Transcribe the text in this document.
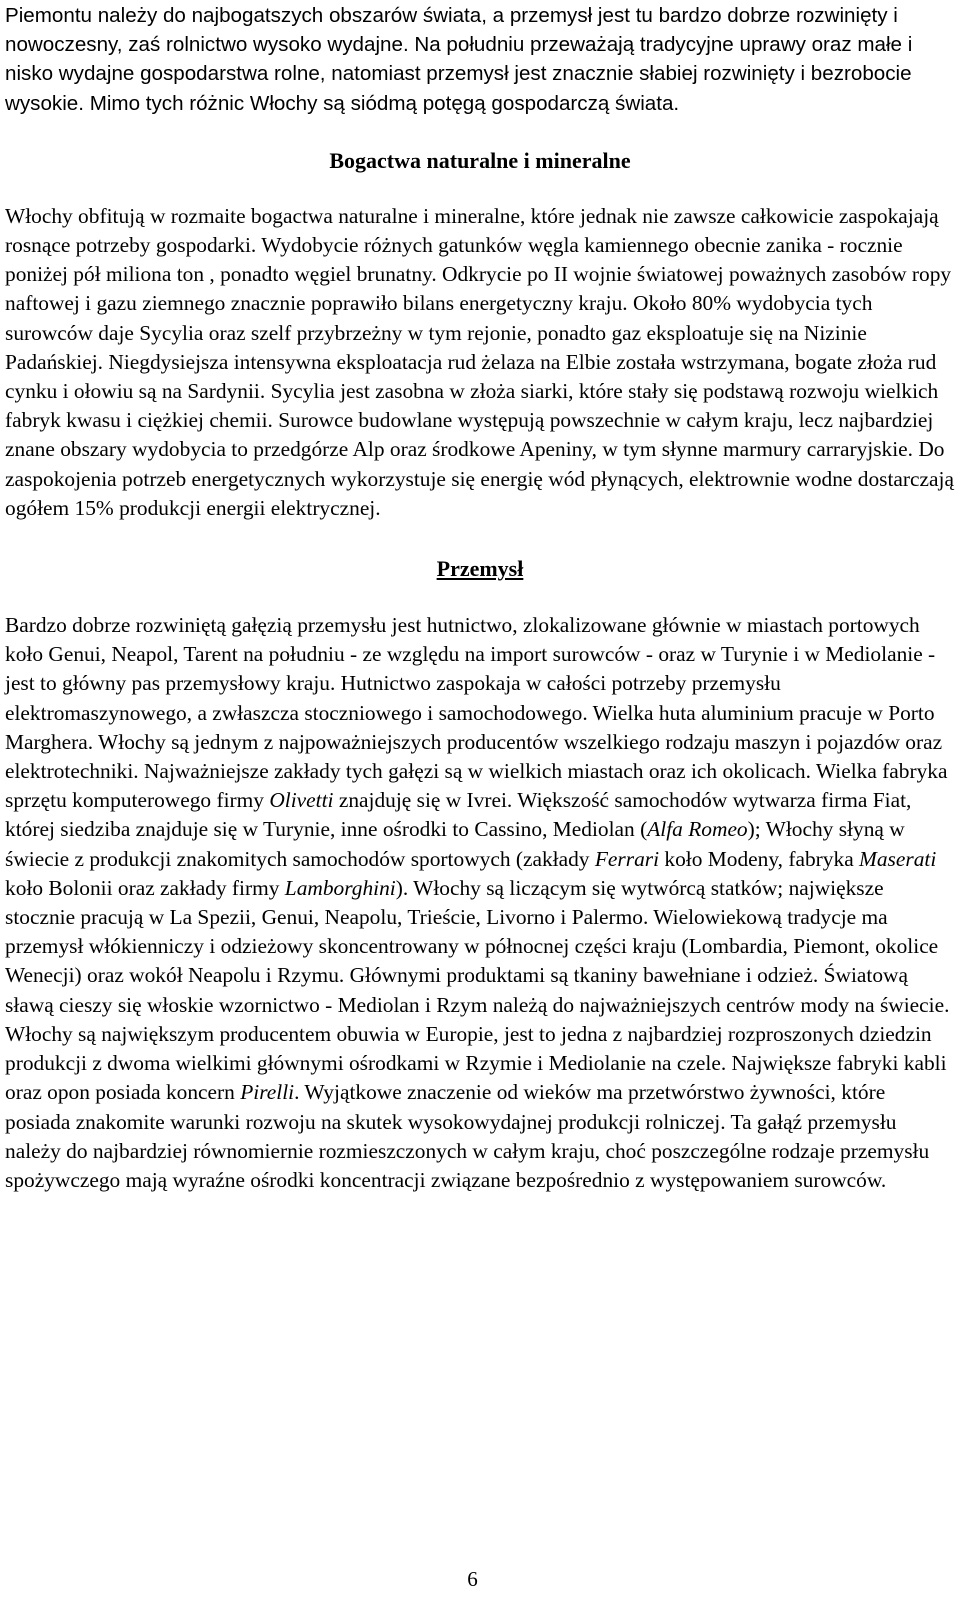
Piemontu należy do najbogatszych obszarów świata, a przemysł jest tu bardzo dobrze rozwinięty i nowoczesny, zaś rolnictwo wysoko wydajne. Na południu przeważają tradycyjne uprawy oraz małe i nisko wydajne gospodarstwa rolne, natomiast przemysł jest znacznie słabiej rozwinięty i bezrobocie wysokie. Mimo tych różnic Włochy są siódmą potęgą gospodarczą świata.

Bogactwa naturalne i mineralne

Włochy obfitują w rozmaite bogactwa naturalne i mineralne, które jednak nie zawsze całkowicie zaspokajają rosnące potrzeby gospodarki. Wydobycie różnych gatunków węgla kamiennego obecnie zanika - rocznie poniżej pół miliona ton , ponadto węgiel brunatny. Odkrycie po II wojnie światowej poważnych zasobów ropy naftowej i gazu ziemnego znacznie poprawiło bilans energetyczny kraju. Około 80% wydobycia tych surowców daje Sycylia oraz szelf przybrzeżny w tym rejonie, ponadto gaz eksploatuje się na Nizinie Padańskiej. Niegdysiejsza intensywna eksploatacja rud żelaza na Elbie została wstrzymana, bogate złoża rud cynku i ołowiu są na Sardynii. Sycylia jest zasobna w złoża siarki, które stały się podstawą rozwoju wielkich fabryk kwasu i ciężkiej chemii. Surowce budowlane występują powszechnie w całym kraju, lecz najbardziej znane obszary wydobycia to przedgórze Alp oraz środkowe Apeniny, w tym słynne marmury carraryjskie. Do zaspokojenia potrzeb energetycznych wykorzystuje się energię wód płynących, elektrownie wodne dostarczają ogółem 15% produkcji energii elektrycznej.

Przemysł

Bardzo dobrze rozwiniętą gałęzią przemysłu jest hutnictwo, zlokalizowane głównie w miastach portowych koło Genui, Neapol, Tarent na południu - ze względu na import surowców - oraz w Turynie i w Mediolanie - jest to główny pas przemysłowy kraju. Hutnictwo zaspokaja w całości potrzeby przemysłu elektromaszynowego, a zwłaszcza stoczniowego i samochodowego. Wielka huta aluminium pracuje w Porto Marghera. Włochy są jednym z najpoważniejszych producentów wszelkiego rodzaju maszyn i pojazdów oraz elektrotechniki. Najważniejsze zakłady tych gałęzi są w wielkich miastach oraz ich okolicach. Wielka fabryka sprzętu komputerowego firmy Olivetti znajduję się w Ivrei. Większość samochodów wytwarza firma Fiat, której siedziba znajduje się w Turynie, inne ośrodki to Cassino, Mediolan (Alfa Romeo); Włochy słyną w świecie z produkcji znakomitych samochodów sportowych (zakłady Ferrari koło Modeny, fabryka Maserati koło Bolonii oraz zakłady firmy Lamborghini). Włochy są liczącym się wytwórcą statków; największe stocznie pracują w La Spezii, Genui, Neapolu, Trieście, Livorno i Palermo. Wielowiekową tradycje ma przemysł włókienniczy i odzieżowy skoncentrowany w północnej części kraju (Lombardia, Piemont, okolice Wenecji) oraz wokół Neapolu i Rzymu. Głównymi produktami są tkaniny bawełniane i odzież. Światową sławą cieszy się włoskie wzornictwo - Mediolan i Rzym należą do najważniejszych centrów mody na świecie. Włochy są największym producentem obuwia w Europie, jest to jedna z najbardziej rozproszonych dziedzin produkcji z dwoma wielkimi głównymi ośrodkami w Rzymie i Mediolanie na czele. Największe fabryki kabli oraz opon posiada koncern Pirelli. Wyjątkowe znaczenie od wieków ma przetwórstwo żywności, które posiada znakomite warunki rozwoju na skutek wysokowydajnej produkcji rolniczej. Ta gałąź przemysłu należy do najbardziej równomiernie rozmieszczonych w całym kraju, choć poszczególne rodzaje przemysłu spożywczego mają wyraźne ośrodki koncentracji związane bezpośrednio z występowaniem surowców.

6
